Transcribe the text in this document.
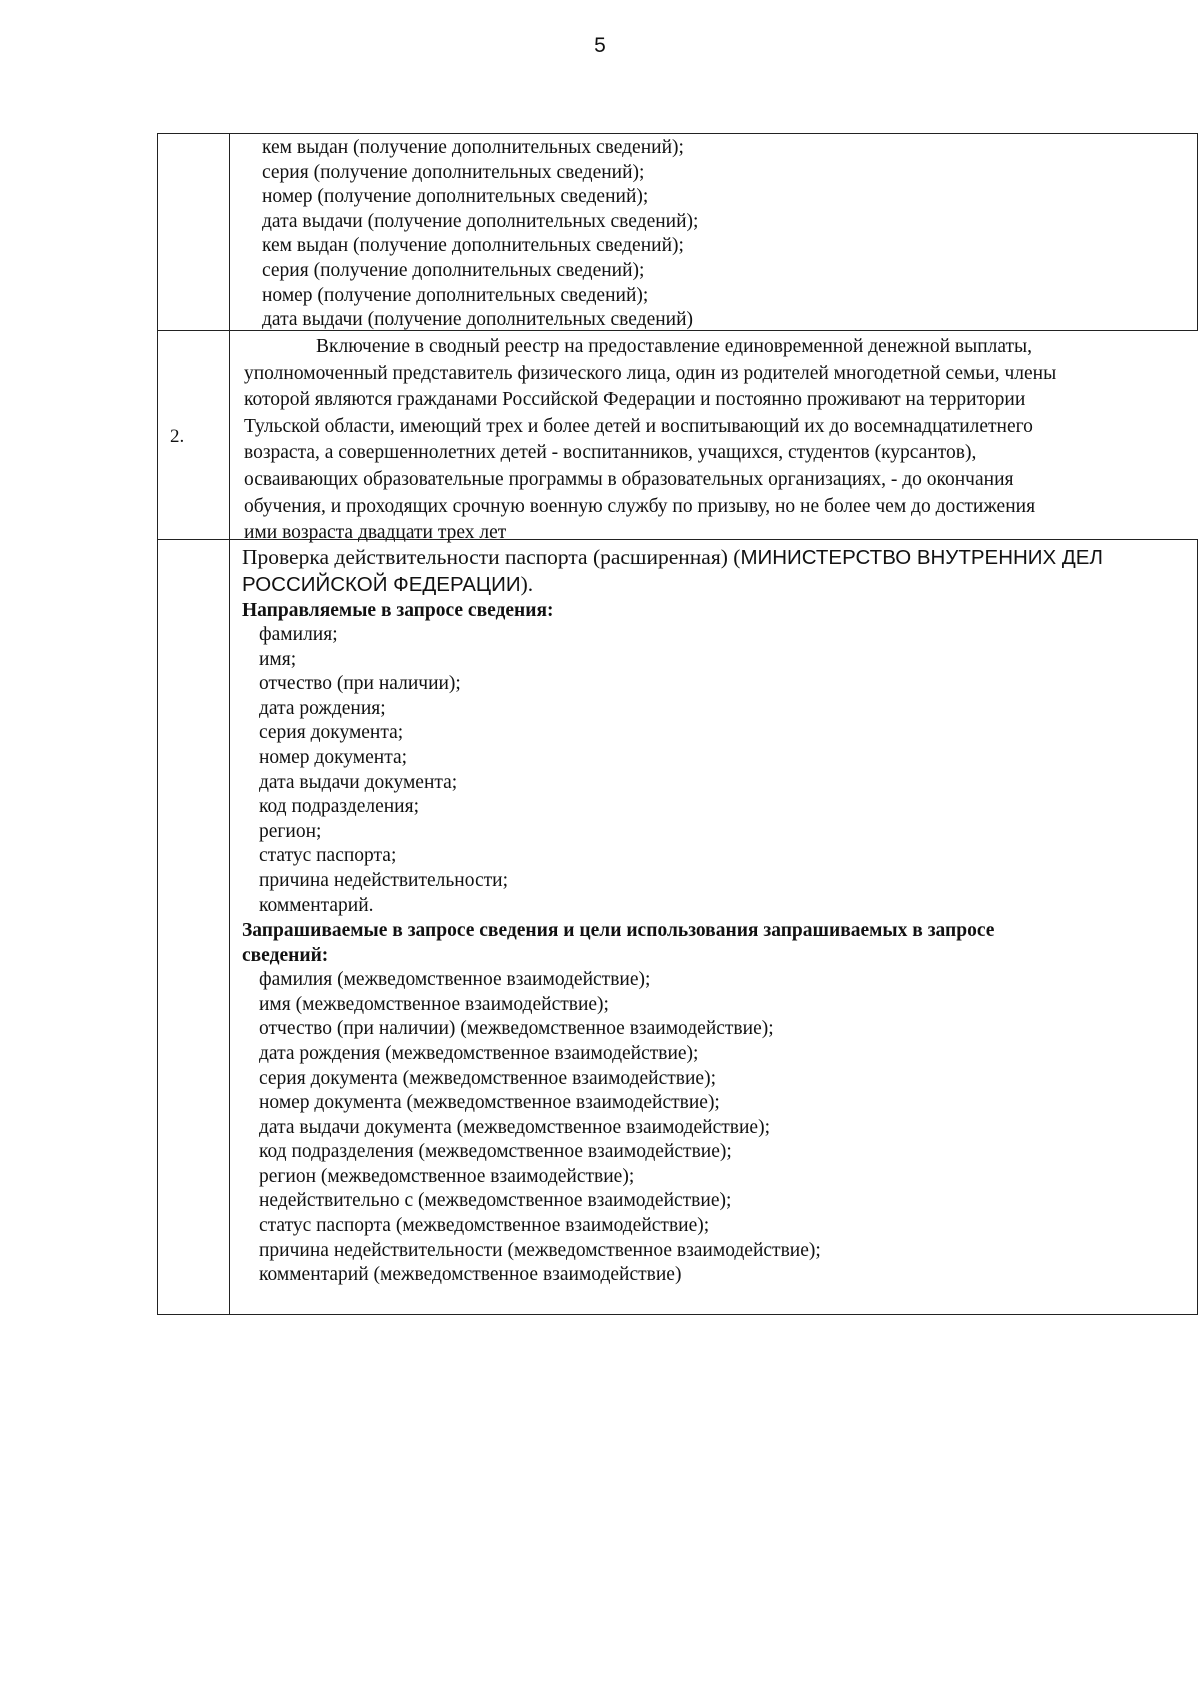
5
кем выдан (получение дополнительных сведений);
серия (получение дополнительных сведений);
номер (получение дополнительных сведений);
дата выдачи (получение дополнительных сведений);
кем выдан (получение дополнительных сведений);
серия (получение дополнительных сведений);
номер (получение дополнительных сведений);
дата выдачи (получение дополнительных сведений)
2.

Включение в сводный реестр на предоставление единовременной денежной выплаты,
уполномоченный представитель физического лица, один из родителей многодетной семьи, члены
которой являются гражданами Российской Федерации и постоянно проживают на территории
Тульской области, имеющий трех и более детей и воспитывающий их до восемнадцатилетнего
возраста, а совершеннолетних детей - воспитанников, учащихся, студентов (курсантов),
осваивающих образовательные программы в образовательных организациях, - до окончания
обучения, и проходящих срочную военную службу по призыву, но не более чем до достижения
ими возраста двадцати трех лет

Проверка действительности паспорта (расширенная) (МИНИСТЕРСТВО ВНУТРЕННИХ ДЕЛ
РОССИЙСКОЙ ФЕДЕРАЦИИ).
Направляемые в запросе сведения:
фамилия;
имя;
отчество (при наличии);
дата рождения;
серия документа;
номер документа;
дата выдачи документа;
код подразделения;
регион;
статус паспорта;
причина недействительности;
комментарий.
Запрашиваемые в запросе сведения и цели использования запрашиваемых в запросе
сведений:
фамилия (межведомственное взаимодействие);
имя (межведомственное взаимодействие);
отчество (при наличии) (межведомственное взаимодействие);
дата рождения (межведомственное взаимодействие);
серия документа (межведомственное взаимодействие);
номер документа (межведомственное взаимодействие);
дата выдачи документа (межведомственное взаимодействие);
код подразделения (межведомственное взаимодействие);
регион (межведомственное взаимодействие);
недействительно с (межведомственное взаимодействие);
статус паспорта (межведомственное взаимодействие);
причина недействительности (межведомственное взаимодействие);
комментарий (межведомственное взаимодействие)
